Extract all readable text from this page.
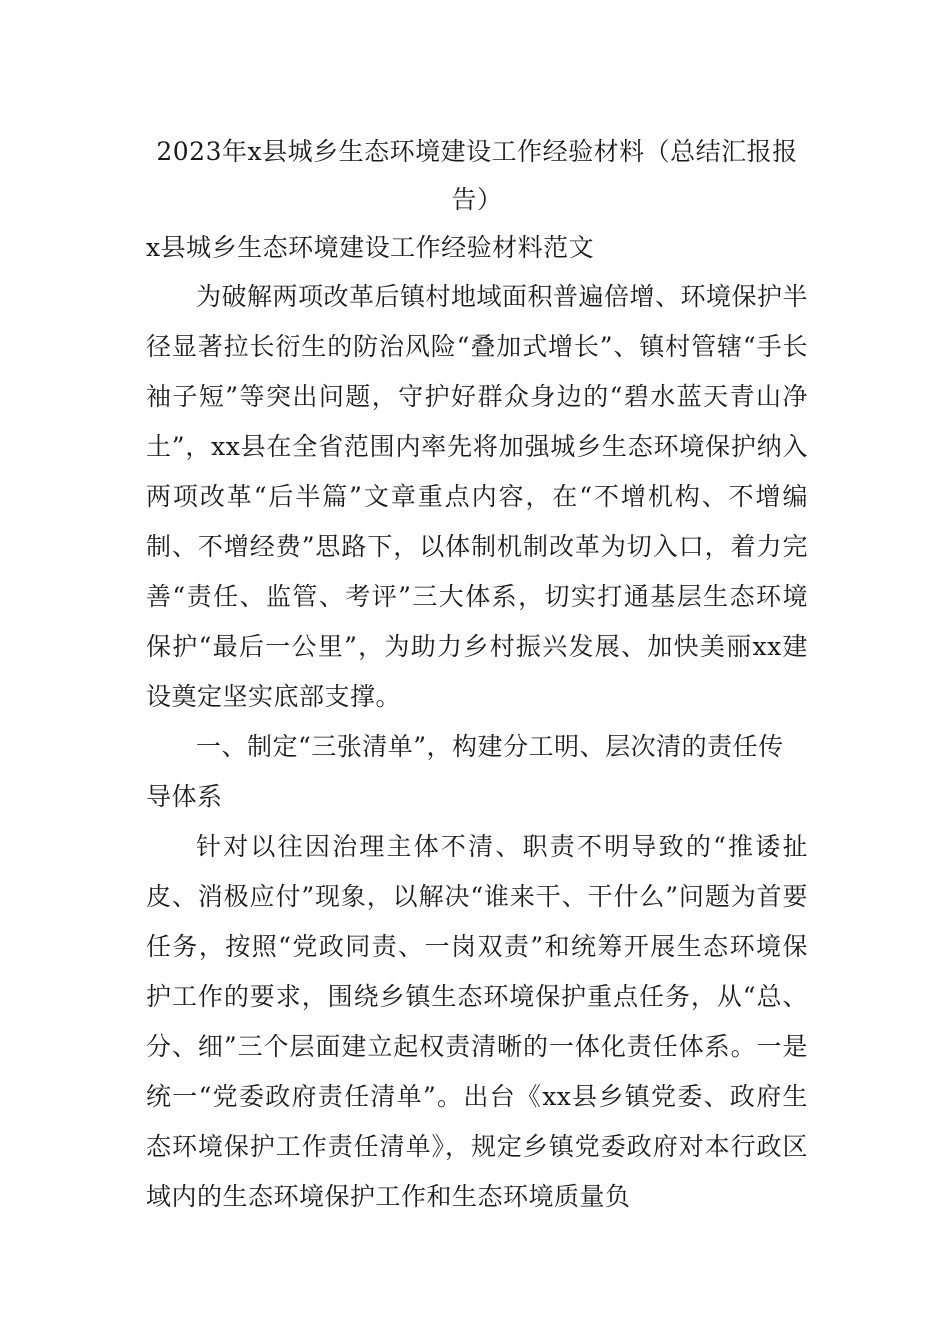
2023年x县城乡生态环境建设工作经验材料（总结汇报报告）

x县城乡生态环境建设工作经验材料范文

为破解两项改革后镇村地域面积普遍倍增、环境保护半径显著拉长衍生的防治风险“叠加式增长”、镇村管辖“手长袖子短”等突出问题，守护好群众身边的“碧水蓝天青山净土”，xx县在全省范围内率先将加强城乡生态环境保护纳入两项改革“后半篇”文章重点内容，在“不增机构、不增编制、不增经费”思路下，以体制机制改革为切入口，着力完善“责任、监管、考评”三大体系，切实打通基层生态环境保护“最后一公里”，为助力乡村振兴发展、加快美丽xx建设奠定坚实底部支撑。

一、制定“三张清单”，构建分工明、层次清的责任传导体系

针对以往因治理主体不清、职责不明导致的“推诿扯皮、消极应付”现象，以解决“谁来干、干什么”问题为首要任务，按照“党政同责、一岗双责”和统筹开展生态环境保护工作的要求，围绕乡镇生态环境保护重点任务，从“总、分、细”三个层面建立起权责清晰的一体化责任体系。一是统一“党委政府责任清单”。出台《xx县乡镇党委、政府生态环境保护工作责任清单》，规定乡镇党委政府对本行政区域内的生态环境保护工作和生态环境质量负
